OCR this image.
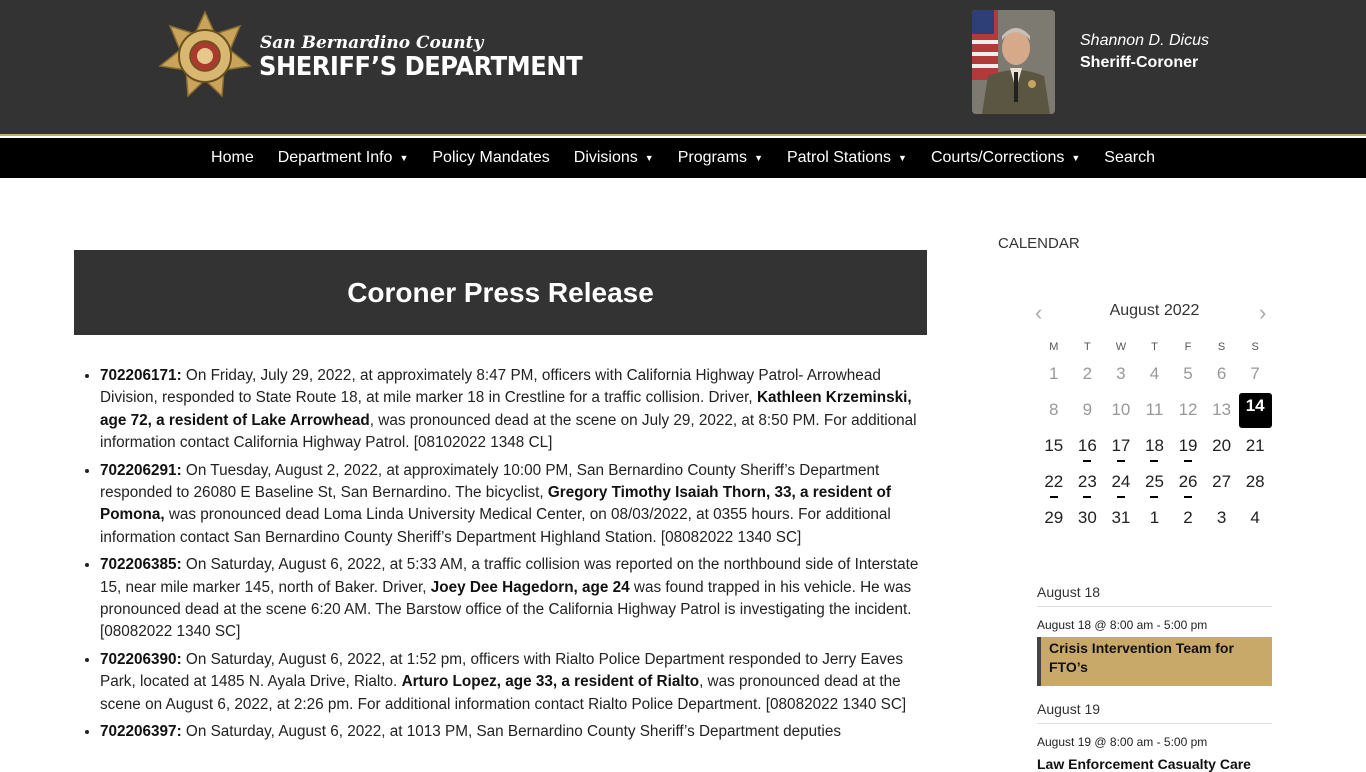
San Bernardino County
SHERIFF’S DEPARTMENT
Shannon D. Dicus
Sheriff-Coroner
Home Department Info ▼ Policy Mandates Divisions ▼ Programs ▼ Patrol Stations ▼ Courts/Corrections ▼ Search
Coroner Press Release
• 702206171: On Friday, July 29, 2022, at approximately 8:47 PM, officers with California Highway Patrol- Arrowhead Division, responded to State Route 18, at mile marker 18 in Crestline for a traffic collision. Driver, Kathleen Krzeminski, age 72, a resident of Lake Arrowhead, was pronounced dead at the scene on July 29, 2022, at 8:50 PM. For additional information contact California Highway Patrol. [08102022 1348 CL]
• 702206291: On Tuesday, August 2, 2022, at approximately 10:00 PM, San Bernardino County Sheriff’s Department responded to 26080 E Baseline St, San Bernardino. The bicyclist, Gregory Timothy Isaiah Thorn, 33, a resident of Pomona, was pronounced dead Loma Linda University Medical Center, on 08/03/2022, at 0355 hours. For additional information contact San Bernardino County Sheriff’s Department Highland Station. [08082022 1340 SC]
• 702206385: On Saturday, August 6, 2022, at 5:33 AM, a traffic collision was reported on the northbound side of Interstate 15, near mile marker 145, north of Baker. Driver, Joey Dee Hagedorn, age 24 was found trapped in his vehicle. He was pronounced dead at the scene 6:20 AM. The Barstow office of the California Highway Patrol is investigating the incident. [08082022 1340 SC]
• 702206390: On Saturday, August 6, 2022, at 1:52 pm, officers with Rialto Police Department responded to Jerry Eaves Park, located at 1485 N. Ayala Drive, Rialto. Arturo Lopez, age 33, a resident of Rialto, was pronounced dead at the scene on August 6, 2022, at 2:26 pm. For additional information contact Rialto Police Department. [08082022 1340 SC]
• 702206397: On Saturday, August 6, 2022, at 1013 PM, San Bernardino County Sheriff’s Department deputies
CALENDAR
‹	August 2022	›
M	T	W	T	F	S	S
1 2 3 4 5 6 7
8 9 10 11 12 13 14
15 16 17 18 19 20 21
22 23 24 25 26 27 28
29 30 31 1 2 3 4
August 18
August 18 @ 8:00 am - 5:00 pm
Crisis Intervention Team for FTO’s
August 19
August 19 @ 8:00 am - 5:00 pm
Law Enforcement Casualty Care
